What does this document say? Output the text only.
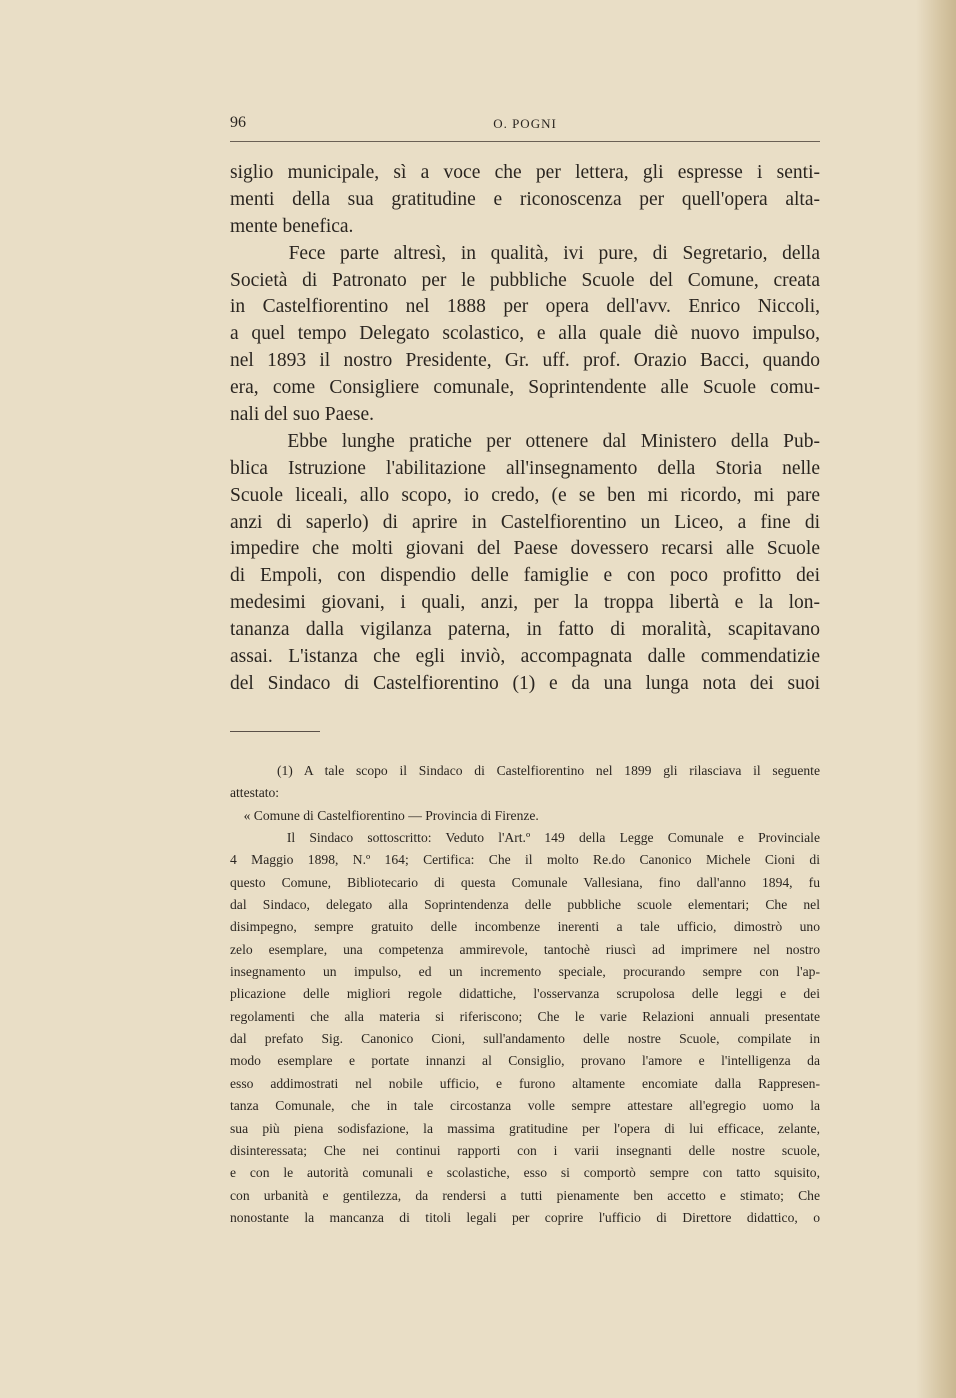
96	O. POGNI
siglio municipale, sì a voce che per lettera, gli espresse i senti-
menti della sua gratitudine e riconoscenza per quell'opera alta-
mente benefica.
Fece parte altresì, in qualità, ivi pure, di Segretario, della
Società di Patronato per le pubbliche Scuole del Comune, creata
in Castelfiorentino nel 1888 per opera dell'avv. Enrico Niccoli,
a quel tempo Delegato scolastico, e alla quale diè nuovo impulso,
nel 1893 il nostro Presidente, Gr. uff. prof. Orazio Bacci, quando
era, come Consigliere comunale, Soprintendente alle Scuole comu-
nali del suo Paese.
Ebbe lunghe pratiche per ottenere dal Ministero della Pub-
blica Istruzione l'abilitazione all'insegnamento della Storia nelle
Scuole liceali, allo scopo, io credo, (e se ben mi ricordo, mi pare
anzi di saperlo) di aprire in Castelfiorentino un Liceo, a fine di
impedire che molti giovani del Paese dovessero recarsi alle Scuole
di Empoli, con dispendio delle famiglie e con poco profitto dei
medesimi giovani, i quali, anzi, per la troppa libertà e la lon-
tananza dalla vigilanza paterna, in fatto di moralità, scapitavano
assai. L'istanza che egli inviò, accompagnata dalle commendatizie
del Sindaco di Castelfiorentino (1) e da una lunga nota dei suoi
(1) A tale scopo il Sindaco di Castelfiorentino nel 1899 gli rilasciava il seguente
attestato:
« Comune di Castelfiorentino — Provincia di Firenze.
Il Sindaco sottoscritto: Veduto l'Art.º 149 della Legge Comunale e Provinciale
4 Maggio 1898, N.º 164; Certifica: Che il molto Re.do Canonico Michele Cioni di
questo Comune, Bibliotecario di questa Comunale Vallesiana, fino dall'anno 1894, fu
dal Sindaco, delegato alla Soprintendenza delle pubbliche scuole elementari; Che nel
disimpegno, sempre gratuito delle incombenze inerenti a tale ufficio, dimostrò uno
zelo esemplare, una competenza ammirevole, tantochè riuscì ad imprimere nel nostro
insegnamento un impulso, ed un incremento speciale, procurando sempre con l'ap-
plicazione delle migliori regole didattiche, l'osservanza scrupolosa delle leggi e dei
regolamenti che alla materia si riferiscono; Che le varie Relazioni annuali presentate
dal prefato Sig. Canonico Cioni, sull'andamento delle nostre Scuole, compilate in
modo esemplare e portate innanzi al Consiglio, provano l'amore e l'intelligenza da
esso addimostrati nel nobile ufficio, e furono altamente encomiate dalla Rappresen-
tanza Comunale, che in tale circostanza volle sempre attestare all'egregio uomo la
sua più piena sodisfazione, la massima gratitudine per l'opera di lui efficace, zelante,
disinteressata; Che nei continui rapporti con i varii insegnanti delle nostre scuole,
e con le autorità comunali e scolastiche, esso si comportò sempre con tatto squisito,
con urbanità e gentilezza, da rendersi a tutti pienamente ben accetto e stimato; Che
nonostante la mancanza di titoli legali per coprire l'ufficio di Direttore didattico, o
